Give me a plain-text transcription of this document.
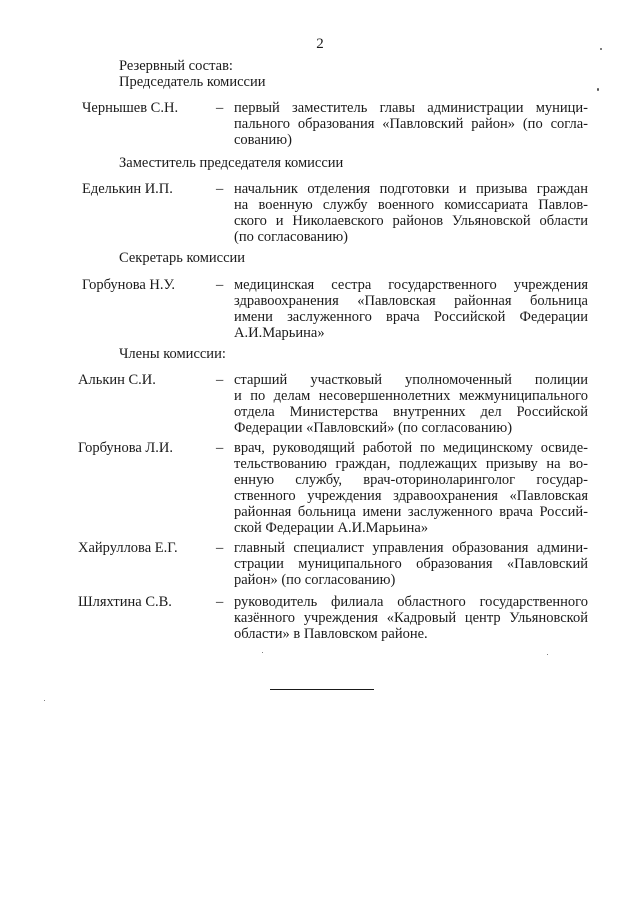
2
Резервный состав:
Председатель комиссии
Чернышев С.Н.	– первый заместитель главы администрации муници-
пального образования «Павловский район» (по согла-
сованию)
Заместитель председателя комиссии
Еделькин И.П.	– начальник отделения подготовки и призыва граждан
на военную службу военного комиссариата Павлов-
ского и Николаевского районов Ульяновской области
(по согласованию)
Секретарь комиссии
Горбунова Н.У.	– медицинская сестра государственного учреждения
здравоохранения «Павловская районная больница
имени заслуженного врача Российской Федерации
А.И.Марьина»
Члены комиссии:
Алькин С.И.	– старший участковый уполномоченный полиции
и по делам несовершеннолетних межмуниципального
отдела Министерства внутренних дел Российской
Федерации «Павловский» (по согласованию)
Горбунова Л.И.	– врач, руководящий работой по медицинскому освиде-
тельствованию граждан, подлежащих призыву на во-
енную службу, врач-оториноларинголог государ-
ственного учреждения здравоохранения «Павловская
районная больница имени заслуженного врача Россий-
ской Федерации А.И.Марьина»
Хайруллова Е.Г.	– главный специалист управления образования админи-
страции муниципального образования «Павловский
район» (по согласованию)
Шляхтина С.В.	– руководитель филиала областного государственного
казённого учреждения «Кадровый центр Ульяновской
области» в Павловском районе.
